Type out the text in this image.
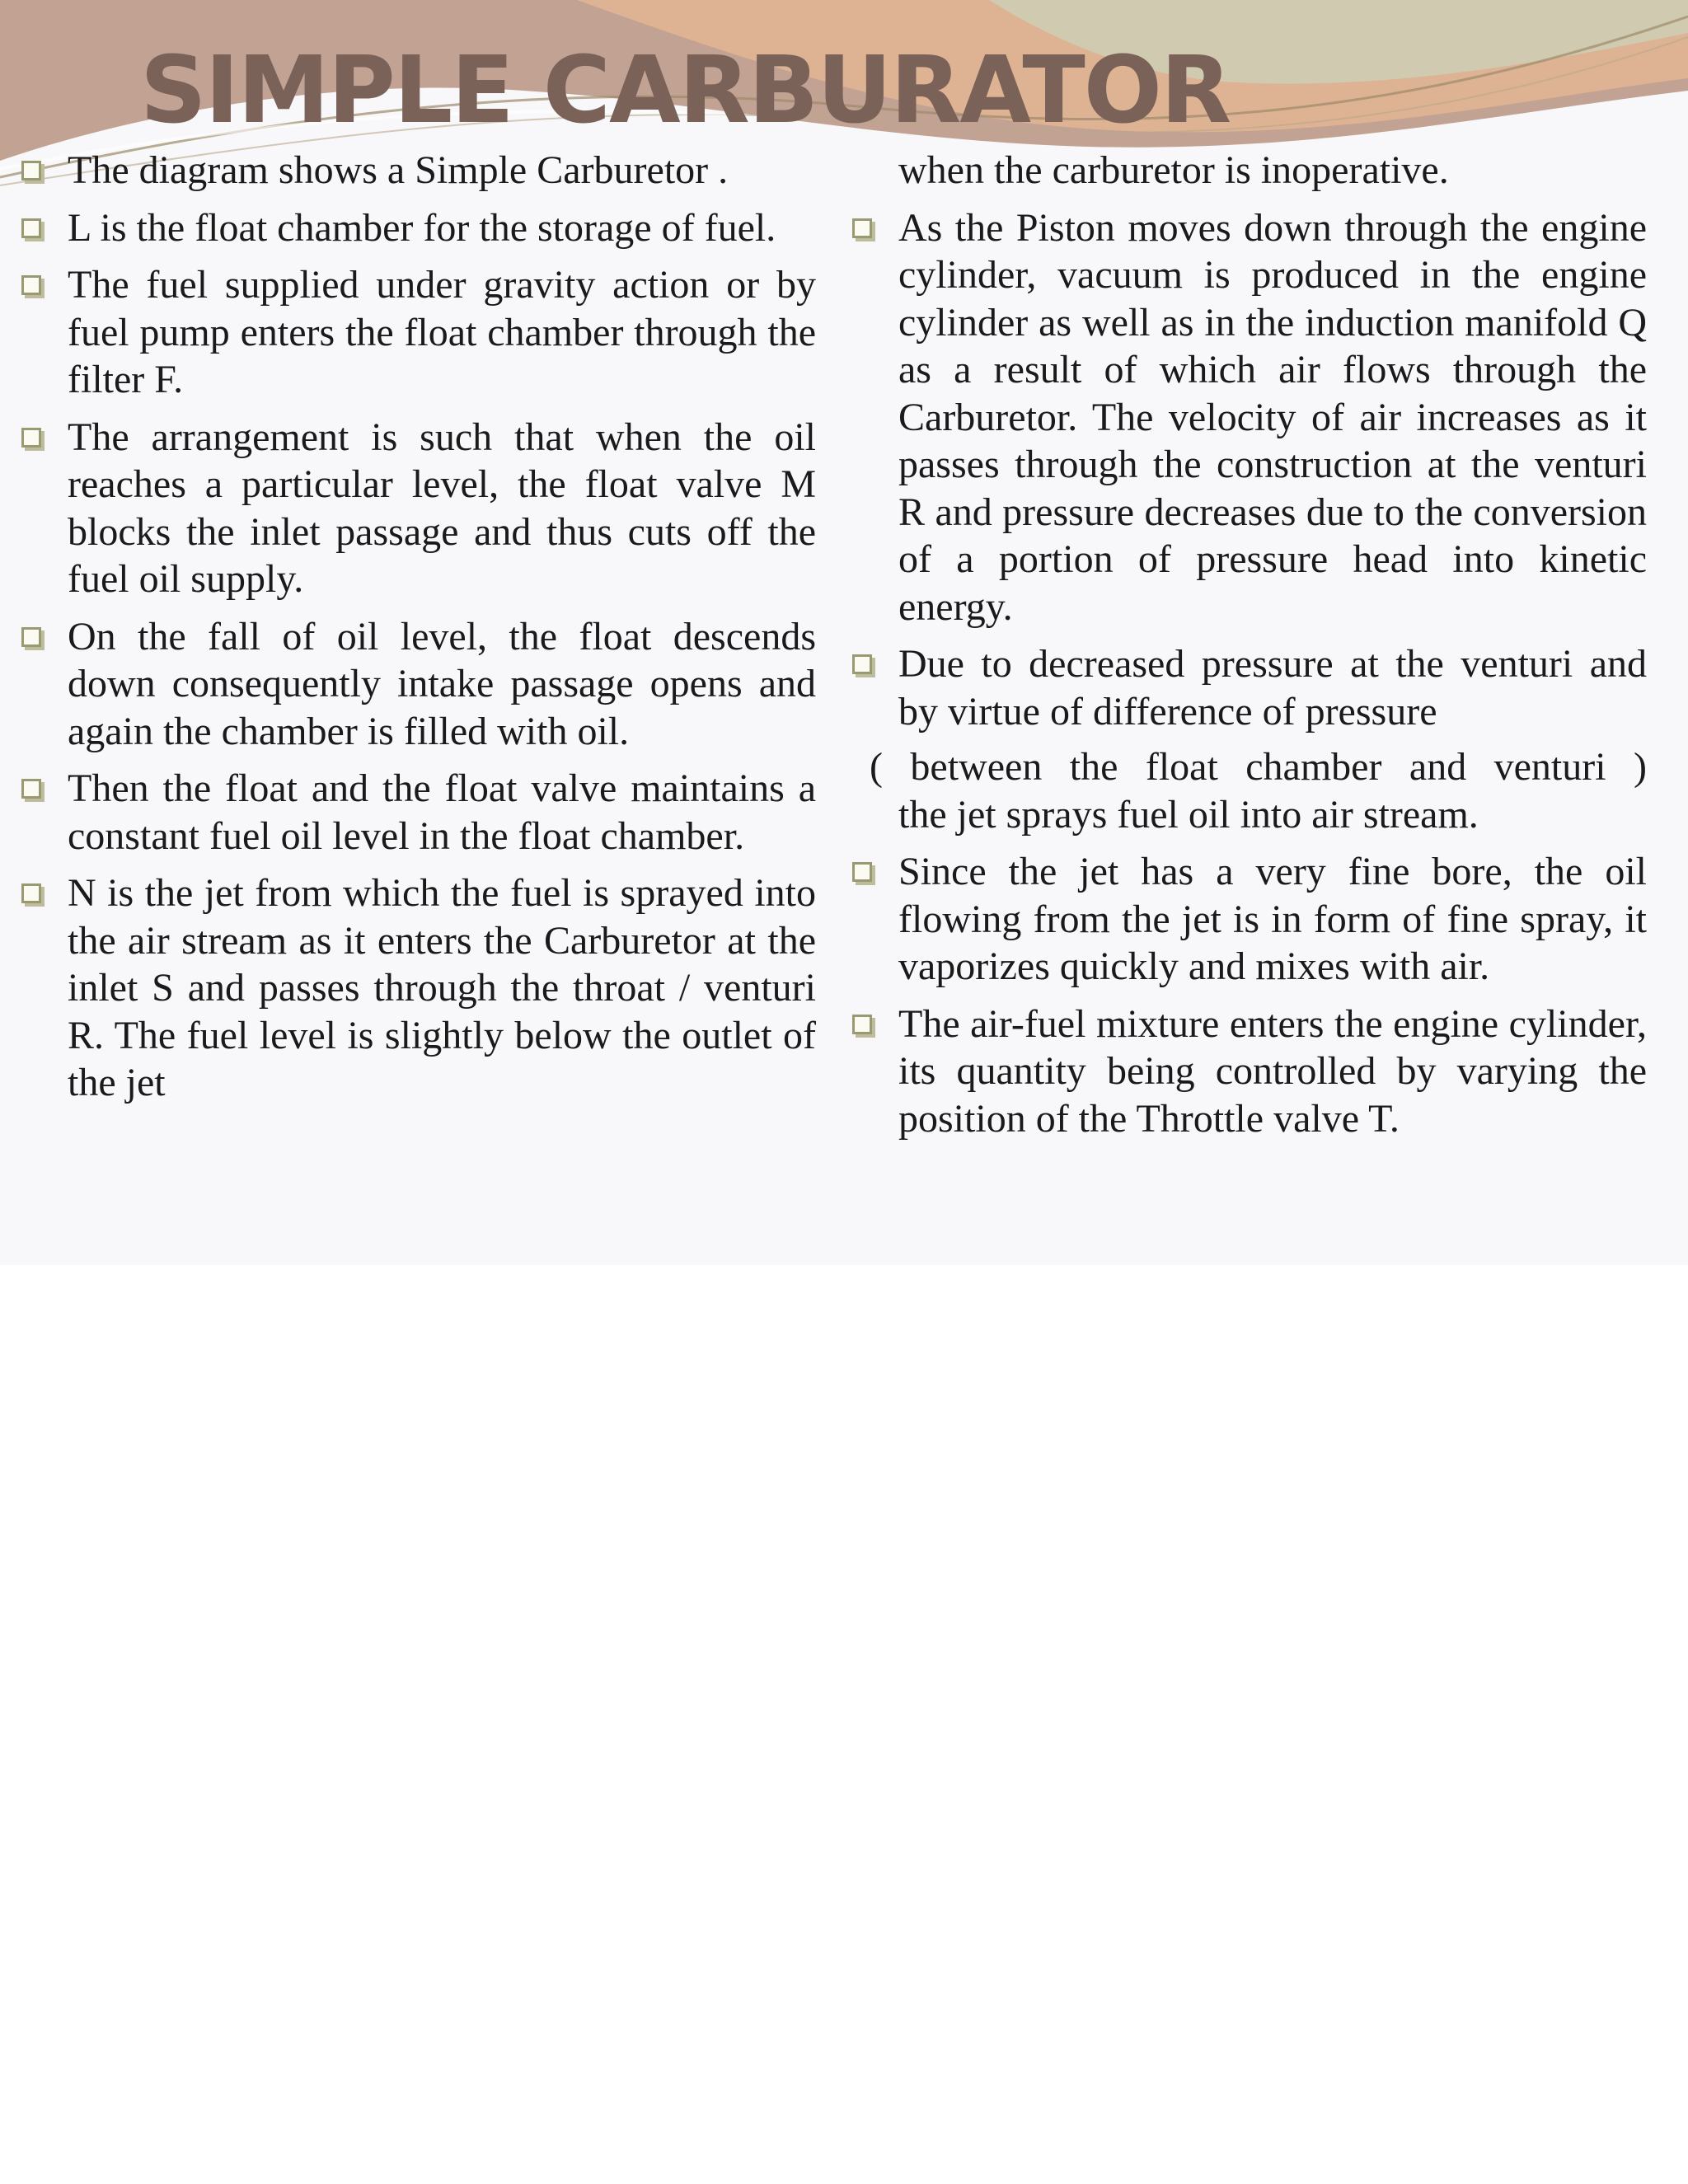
SIMPLE CARBURATOR
The diagram shows a Simple Carburetor .
L is the float chamber for the storage of fuel.
The fuel supplied under gravity action or by fuel pump enters the float chamber through the filter F.
The arrangement is such that when the oil reaches a particular level, the float valve M blocks the inlet passage and thus cuts off the fuel oil supply.
On the fall of oil level, the float descends down consequently intake passage opens and again the chamber is filled with oil.
Then the float and the float valve maintains a constant fuel oil level in the float chamber.
N is the jet from which the fuel is sprayed into the air stream as it enters the Carburetor at the inlet S and passes through the throat / venturi R. The fuel level is slightly below the outlet of the jet
when the carburetor is inoperative.
As the Piston moves down through the engine cylinder, vacuum is produced in the engine cylinder as well as in the induction manifold Q as a result of which air flows through the Carburetor. The velocity of air increases as it passes through the construction at the venturi R and pressure decreases due to the conversion of a portion of pressure head into kinetic energy.
Due to decreased pressure at the venturi and by virtue of difference of pressure
( between the float chamber and venturi )
the jet sprays fuel oil into air stream.
Since the jet has a very fine bore, the oil flowing from the jet is in form of fine spray, it vaporizes quickly and mixes with air.
The air-fuel mixture enters the engine cylinder, its quantity being controlled by varying the position of the Throttle valve T.
